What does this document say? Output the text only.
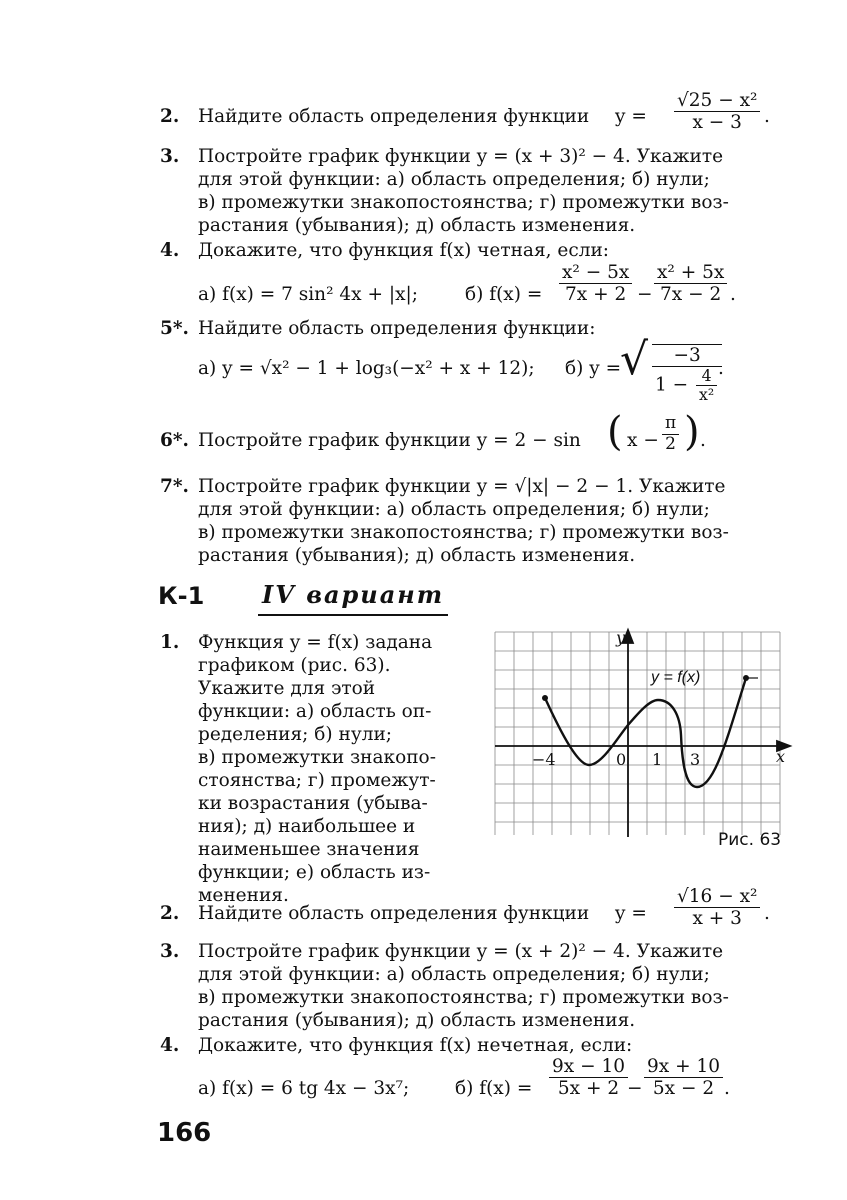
2. Найдите область определения функции $y = \frac{\text{√25 − x²}}{x - 3}$ .
3. Постройте график функции y = (x + 3)² − 4. Укажите
для этой функции: а) область определения; б) нули;
в) промежутки знакопостоянства; г) промежутки воз-
растания (убывания); д) область изменения.
4. Докажите, что функция f(x) четная, если:
а) f(x) = 7 sin² 4x + |x|;	б) $f(x) = \frac{\text{x² − 5x}}{7x + 2} - \frac{\text{x² + 5x}}{7x - 2}$ .
5*. Найдите область определения функции:
а) y = √x² − 1 + log₃(−x² + x + 12); б) y =
√ $\frac{-3}{1 - \frac{4}{\text{x²}}}$
.
6*. Постройте график функции y = 2 − sin ( $x - \frac{\pi}{2}$ ) .
7*. Постройте график функции y = √|x| − 2 − 1. Укажите
для этой функции: а) область определения; б) нули;
в) промежутки знакопостоянства; г) промежутки воз-
растания (убывания); д) область изменения.
К-1 IV вариант
1. Функция y = f(x) задана
графиком (рис. 63).
Укажите для этой
функции: а) область оп-
ределения; б) нули;
в) промежутки знакопо-
стоянства; г) промежут-
ки возрастания (убыва-
ния); д) наибольшее и
наименьшее значения
функции; е) область из-
менения.
y = f(x)
y
x
−4	0 1 3
Рис. 63
2. Найдите область определения функции $y = \frac{\text{√16 − x²}}{x + 3}$ .
3. Постройте график функции y = (x + 2)² − 4. Укажите
для этой функции: а) область определения; б) нули;
в) промежутки знакопостоянства; г) промежутки воз-
растания (убывания); д) область изменения.
4. Докажите, что функция f(x) нечетная, если:
а) f(x) = 6 tg 4x − 3x⁷; б) $f(x) = \frac{9x - 10}{5x + 2}$
− $\frac{9x + 10}{5x - 2}$ .
166
